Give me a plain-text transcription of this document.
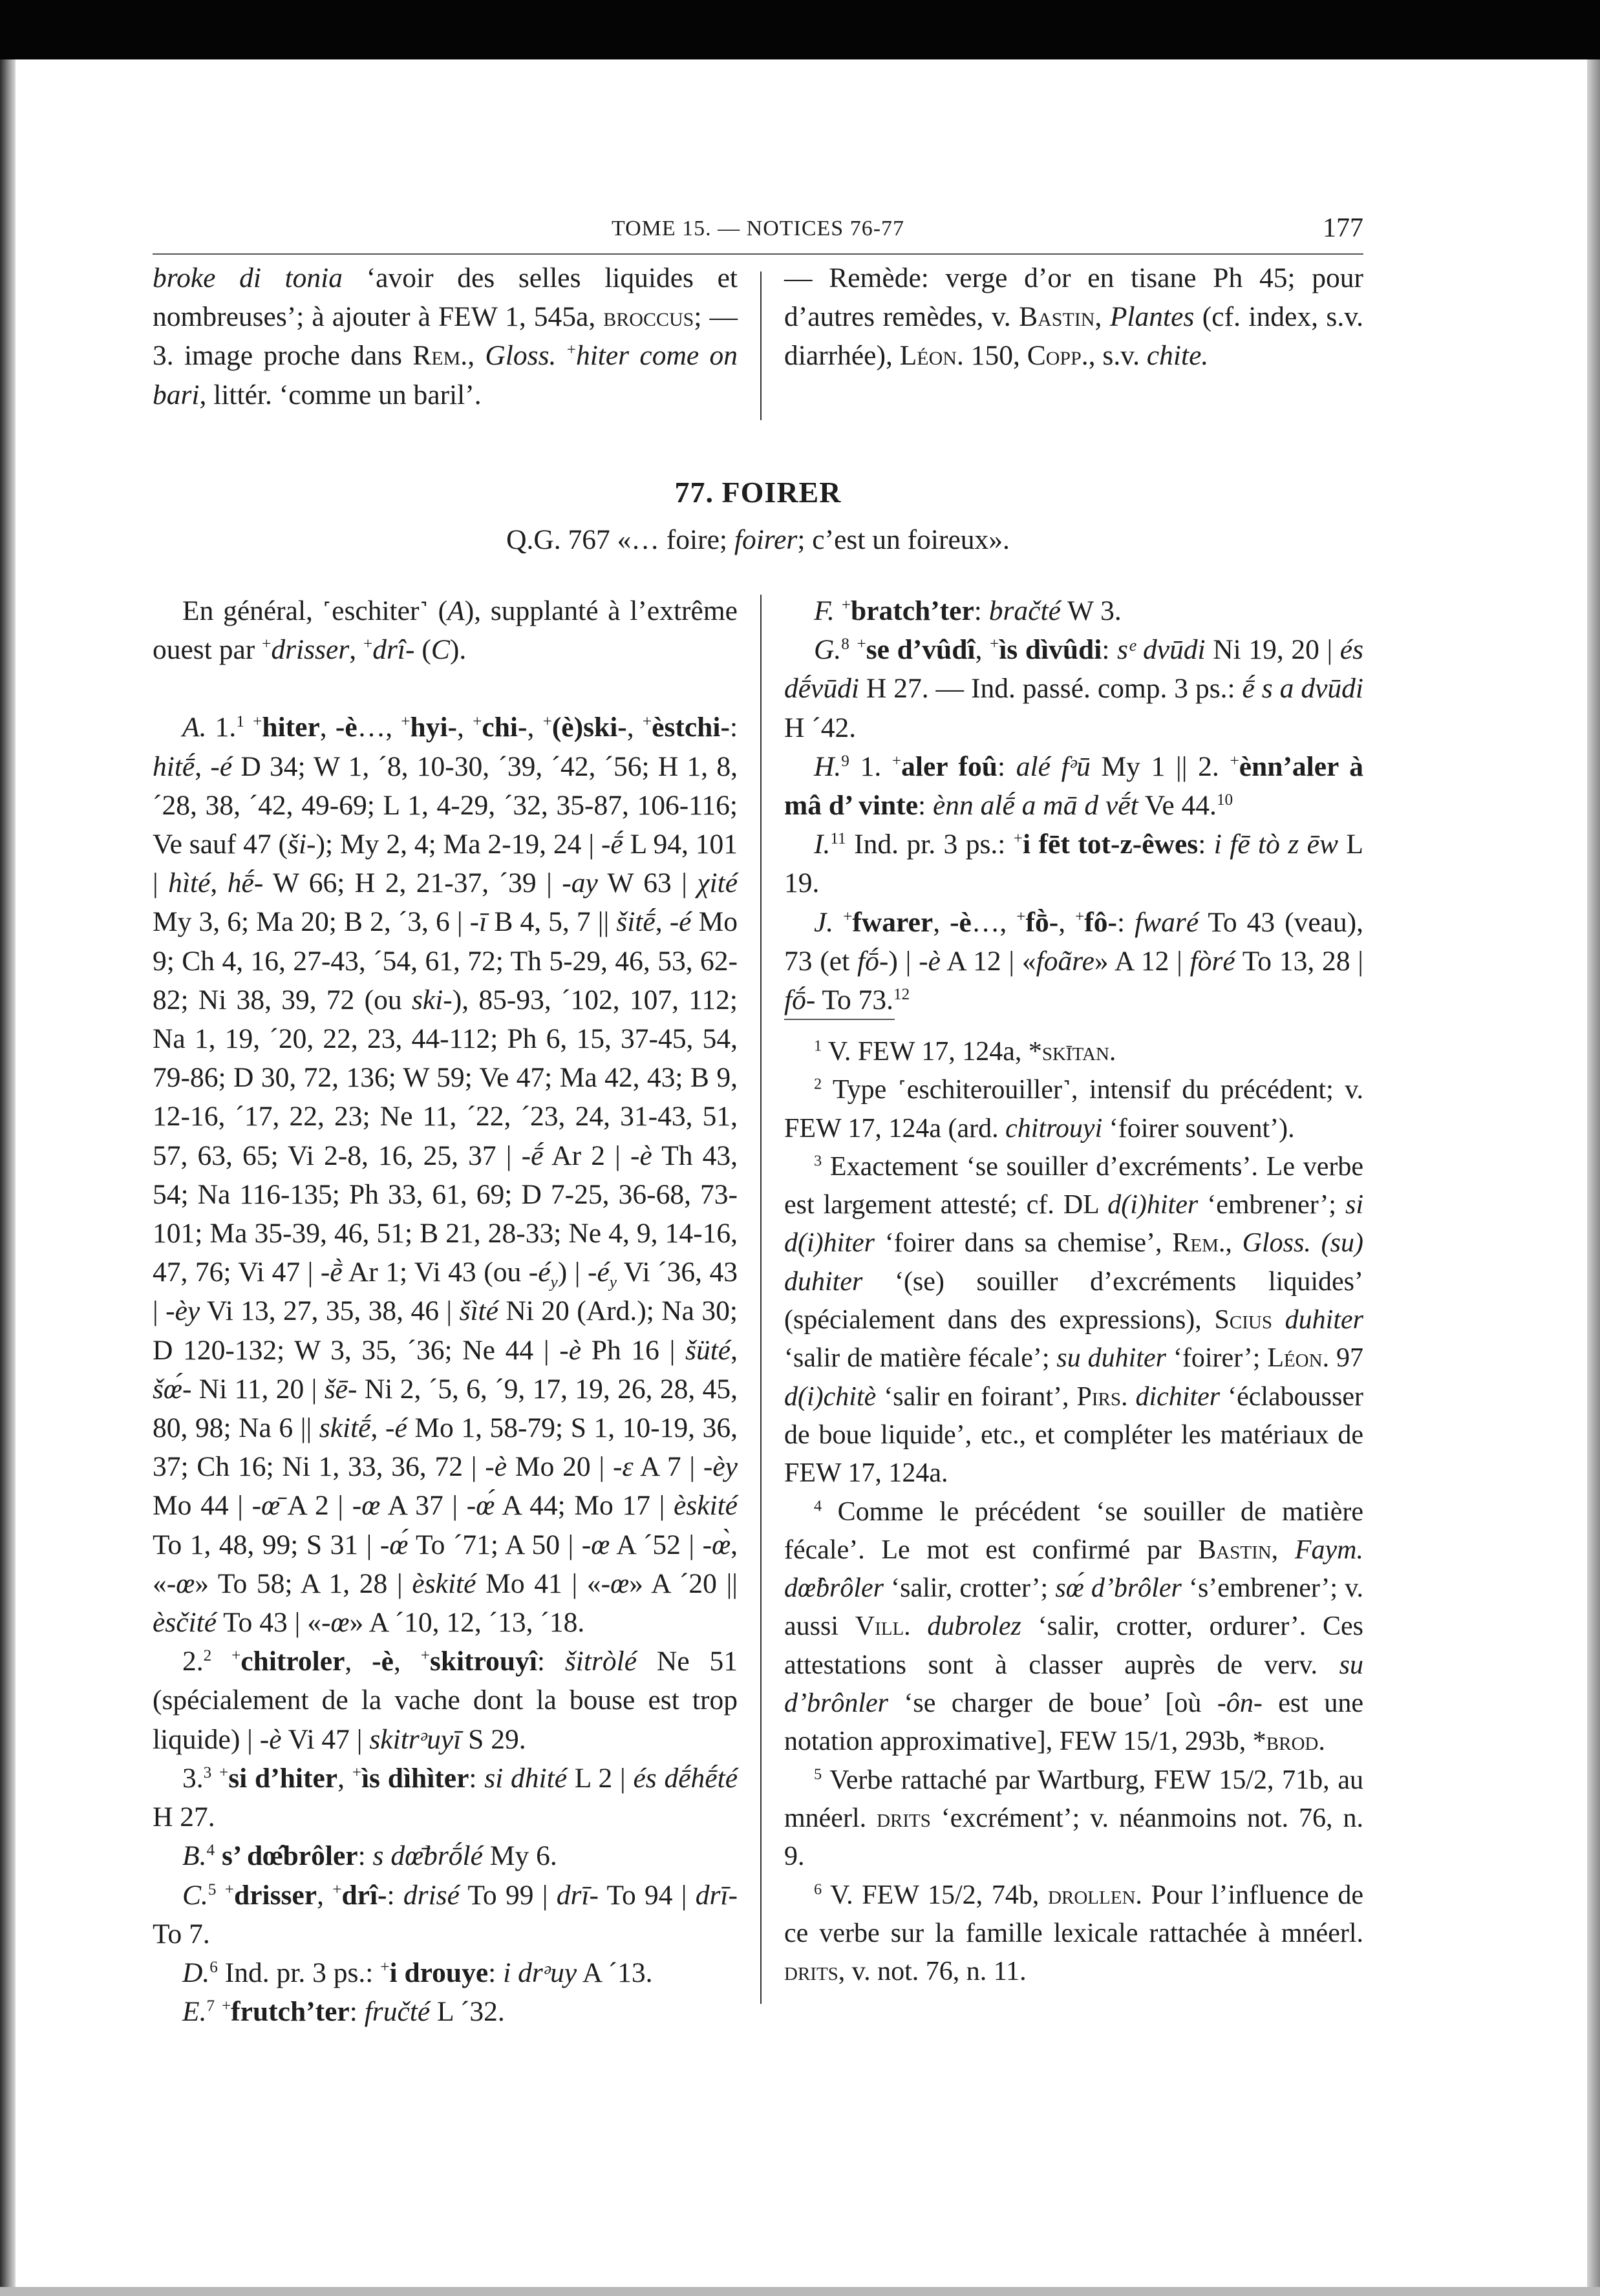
TOME 15. — NOTICES 76-77	177

broke di tonia ‘avoir des selles liquides et nombreuses’; à ajouter à FEW 1, 545a, broccus; — 3. image proche dans Rem., Gloss. +hiter come on bari, littér. ‘comme un baril’.

— Remède: verge d’or en tisane Ph 45; pour d’autres remèdes, v. Bastin, Plantes (cf. index, s.v. diarrhée), Léon. 150, Copp., s.v. chite.

77. FOIRER
Q.G. 767 «… foire; foirer; c’est un foireux».

En général, ˹eschiter˺ (A), supplanté à l’extrême ouest par +drisser, +drî- (C).

A. 1.$^1$ +hiter, -è…, +hyi-, +chi-, +(è)ski-, +èstchi-: hitḗ, -é D 34; W 1, ´8, 10-30, ´39, ´42, ´56; H 1, 8, ´28, 38, ´42, 49-69; L 1, 4-29, ´32, 35-87, 106-116; Ve sauf 47 (ši-); My 2, 4; Ma 2-19, 24 | -ḗ L 94, 101 | hìté, hḗ- W 66; H 2, 21-37, ´39 | -ay W 63 | χité My 3, 6; Ma 20; B 2, ´3, 6 | -ī B 4, 5, 7 || šitḗ, -é Mo 9; Ch 4, 16, 27-43, ´54, 61, 72; Th 5-29, 46, 53, 62-82; Ni 38, 39, 72 (ou ski-), 85-93, ´102, 107, 112; Na 1, 19, ´20, 22, 23, 44-112; Ph 6, 15, 37-45, 54, 79-86; D 30, 72, 136; W 59; Ve 47; Ma 42, 43; B 9, 12-16, ´17, 22, 23; Ne 11, ´22, ´23, 24, 31-43, 51, 57, 63, 65; Vi 2-8, 16, 25, 37 | -ḗ Ar 2 | -è Th 43, 54; Na 116-135; Ph 33, 61, 69; D 7-25, 36-68, 73-101; Ma 35-39, 46, 51; B 21, 28-33; Ne 4, 9, 14-16, 47, 76; Vi 47 | -ḕ Ar 1; Vi 43 (ou $-é_y$) | $-é_y$ Vi ´36, 43 | -èy Vi 13, 27, 35, 38, 46 | šìté Ni 20 (Ard.); Na 30; D 120-132; W 3, 35, ´36; Ne 44 | -è Ph 16 | šüté, šœ́- Ni 11, 20 | šē- Ni 2, ´5, 6, ´9, 17, 19, 26, 28, 45, 80, 98; Na 6 || skitḗ, -é Mo 1, 58-79; S 1, 10-19, 36, 37; Ch 16; Ni 1, 33, 36, 72 | -è Mo 20 | -ɛ A 7 | -èy Mo 44 | -œ̄ A 2 | -œ A 37 | -œ́ A 44; Mo 17 | èskité To 1, 48, 99; S 31 | -œ́ To ´71; A 50 | -œ A ´52 | -œ̀, «-œ» To 58; A 1, 28 | èskité Mo 41 | «-œ» A ´20 || èsčité To 43 | «-œ» A ´10, 12, ´13, ´18.

2.$^2$ +chitroler, -è, +skitrouyî: šitròlé Ne 51 (spécialement de la vache dont la bouse est trop liquide) | -è Vi 47 | skitrᵊuyī S 29.

3.$^3$ +si d’hiter, +ìs dìhìter: si dhité L 2 | és dḗhḗté H 27.

B.$^4$ s’ dœ̂brôler: s dœ̄brṓlé My 6.

C.$^5$ +drisser, +drî-: drisé To 99 | drī- To 94 | drī- To 7.

D.$^6$ Ind. pr. 3 ps.: +i drouye: i drᵊuy A ´13.

E.$^7$ +frutch’ter: fručté L ´32.

F. +bratch’ter: bračté W 3.

G.$^8$ +se d’vûdî, +ìs dìvûdi: sᵉ dvūdi Ni 19, 20 | és dḗvūdi H 27. — Ind. passé. comp. 3 ps.: ḗ s a dvūdi H ´42.

H.$^9$ 1. +aler foû: alé fᵊū My 1 || 2. +ènn’aler à mâ d’ vinte: ènn alḗ a mā d vḗt Ve 44.10

I.$^{11}$ Ind. pr. 3 ps.: +i fēt tot-z-êwes: i fē tò z ēw L 19.

J. +fwarer, -è…, +fṑ-, +fô-: fwaré To 43 (veau), 73 (et fṓ-) | -è A 12 | «foãre» A 12 | fòré To 13, 28 | fṓ- To 73.12

$^1$ V. FEW 17, 124a, *skītan.

$^2$ Type ˹eschiterouiller˺, intensif du précédent; v. FEW 17, 124a (ard. chitrouyi ‘foirer souvent’).

$^3$ Exactement ‘se souiller d’excréments’. Le verbe est largement attesté; cf. DL d(i)hiter ‘embrener’; si d(i)hiter ‘foirer dans sa chemise’, Rem., Gloss. (su) duhiter ‘(se) souiller d’excréments liquides’ (spécialement dans des expressions), Scius duhiter ‘salir de matière fécale’; su duhiter ‘foirer’; Léon. 97 d(i)chitè ‘salir en foirant’, Pirs. dichiter ‘éclabousser de boue liquide’, etc., et compléter les matériaux de FEW 17, 124a.

$^4$ Comme le précédent ‘se souiller de matière fécale’. Le mot est confirmé par Bastin, Faym. dœ̂brôler ‘salir, crotter’; sœ́ d’brôler ‘s’embrener’; v. aussi Vill. dubrolez ‘salir, crotter, ordurer’. Ces attestations sont à classer auprès de verv. su d’brônler ‘se charger de boue’ [où -ôn- est une notation approximative], FEW 15/1, 293b, *brod.

$^5$ Verbe rattaché par Wartburg, FEW 15/2, 71b, au mnéerl. drits ‘excrément’; v. néanmoins not. 76, n. 9.

$^6$ V. FEW 15/2, 74b, drollen. Pour l’influence de ce verbe sur la famille lexicale rattachée à mnéerl. drits, v. not. 76, n. 11.
